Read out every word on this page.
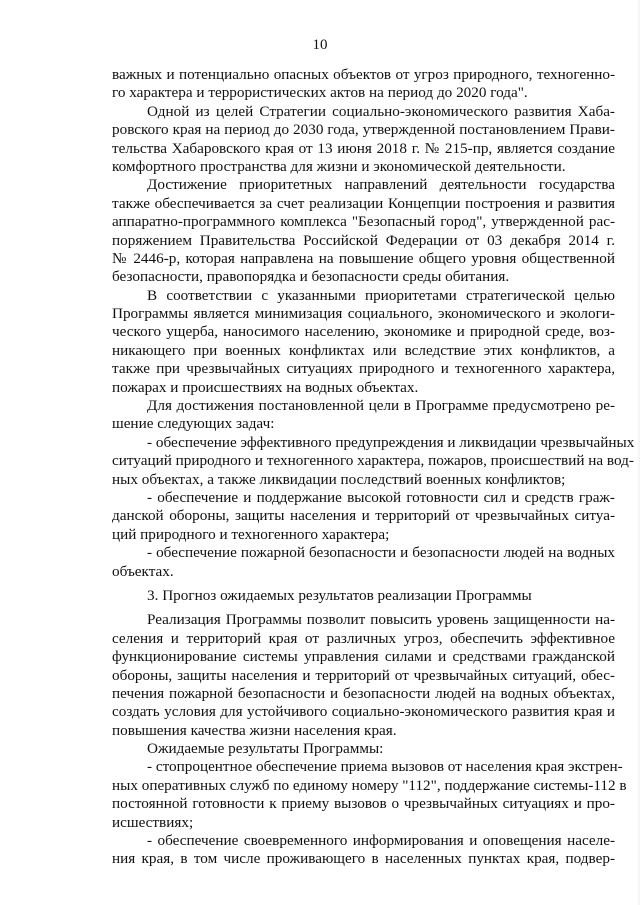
10
важных и потенциально опасных объектов от угроз природного, техногенно-
го характера и террористических актов на период до 2020 года".
Одной из целей Стратегии социально-экономического развития Хаба-
ровского края на период до 2030 года, утвержденной постановлением Прави-
тельства Хабаровского края от 13 июня 2018 г. № 215-пр, является создание
комфортного пространства для жизни и экономической деятельности.
Достижение приоритетных направлений деятельности государства
также обеспечивается за счет реализации Концепции построения и развития
аппаратно-программного комплекса "Безопасный город", утвержденной рас-
поряжением Правительства Российской Федерации от 03 декабря 2014 г.
№ 2446-р, которая направлена на повышение общего уровня общественной
безопасности, правопорядка и безопасности среды обитания.
В соответствии с указанными приоритетами стратегической целью
Программы является минимизация социального, экономического и экологи-
ческого ущерба, наносимого населению, экономике и природной среде, воз-
никающего при военных конфликтах или вследствие этих конфликтов, а
также при чрезвычайных ситуациях природного и техногенного характера,
пожарах и происшествиях на водных объектах.
Для достижения постановленной цели в Программе предусмотрено ре-
шение следующих задач:
- обеспечение эффективного предупреждения и ликвидации чрезвычайных
ситуаций природного и техногенного характера, пожаров, происшествий на вод-
ных объектах, а также ликвидации последствий военных конфликтов;
- обеспечение и поддержание высокой готовности сил и средств граж-
данской обороны, защиты населения и территорий от чрезвычайных ситуа-
ций природного и техногенного характера;
- обеспечение пожарной безопасности и безопасности людей на водных
объектах.
3. Прогноз ожидаемых результатов реализации Программы
Реализация Программы позволит повысить уровень защищенности на-
селения и территорий края от различных угроз, обеспечить эффективное
функционирование системы управления силами и средствами гражданской
обороны, защиты населения и территорий от чрезвычайных ситуаций, обес-
печения пожарной безопасности и безопасности людей на водных объектах,
создать условия для устойчивого социально-экономического развития края и
повышения качества жизни населения края.
Ожидаемые результаты Программы:
- стопроцентное обеспечение приема вызовов от населения края экстрен-
ных оперативных служб по единому номеру "112", поддержание системы-112 в
постоянной готовности к приему вызовов о чрезвычайных ситуациях и про-
исшествиях;
- обеспечение своевременного информирования и оповещения населе-
ния края, в том числе проживающего в населенных пунктах края, подвер-
